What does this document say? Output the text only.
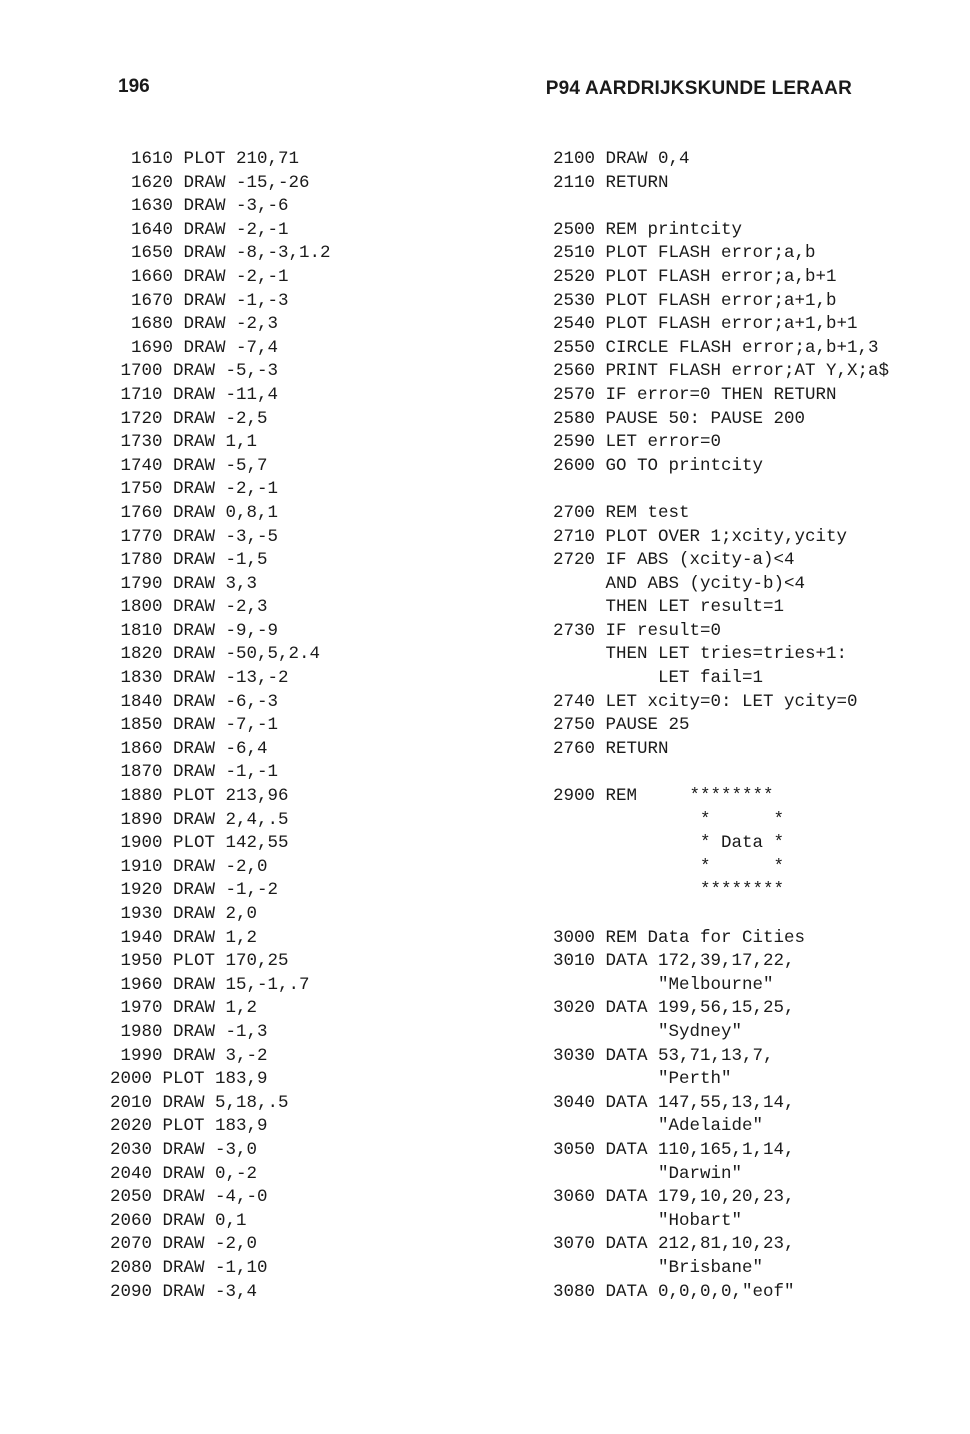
196	P94 AARDRIJKSKUNDE LERAAR
1610 PLOT 210,71
1620 DRAW -15,-26
1630 DRAW -3,-6
1640 DRAW -2,-1
1650 DRAW -8,-3,1.2
1660 DRAW -2,-1
1670 DRAW -1,-3
1680 DRAW -2,3
1690 DRAW -7,4
1700 DRAW -5,-3
1710 DRAW -11,4
1720 DRAW -2,5
1730 DRAW 1,1
1740 DRAW -5,7
1750 DRAW -2,-1
1760 DRAW 0,8,1
1770 DRAW -3,-5
1780 DRAW -1,5
1790 DRAW 3,3
1800 DRAW -2,3
1810 DRAW -9,-9
1820 DRAW -50,5,2.4
1830 DRAW -13,-2
1840 DRAW -6,-3
1850 DRAW -7,-1
1860 DRAW -6,4
1870 DRAW -1,-1
1880 PLOT 213,96
1890 DRAW 2,4,.5
1900 PLOT 142,55
1910 DRAW -2,0
1920 DRAW -1,-2
1930 DRAW 2,0
1940 DRAW 1,2
1950 PLOT 170,25
1960 DRAW 15,-1,.7
1970 DRAW 1,2
1980 DRAW -1,3
1990 DRAW 3,-2
2000 PLOT 183,9
2010 DRAW 5,18,.5
2020 PLOT 183,9
2030 DRAW -3,0
2040 DRAW 0,-2
2050 DRAW -4,-0
2060 DRAW 0,1
2070 DRAW -2,0
2080 DRAW -1,10
2090 DRAW -3,4
2100 DRAW 0,4
2110 RETURN
2500 REM printcity
2510 PLOT FLASH error;a,b
2520 PLOT FLASH error;a,b+1
2530 PLOT FLASH error;a+1,b
2540 PLOT FLASH error;a+1,b+1
2550 CIRCLE FLASH error;a,b+1,3
2560 PRINT FLASH error;AT Y,X;a$
2570 IF error=0 THEN RETURN
2580 PAUSE 50: PAUSE 200
2590 LET error=0
2600 GO TO printcity
2700 REM test
2710 PLOT OVER 1;xcity,ycity
2720 IF ABS (xcity-a)<4
AND ABS (ycity-b)<4
THEN LET result=1
2730 IF result=0
THEN LET tries=tries+1:
LET fail=1
2740 LET xcity=0: LET ycity=0
2750 PAUSE 25
2760 RETURN
2900 REM     ********
*      *
* Data *
*      *
********
3000 REM Data for Cities
3010 DATA 172,39,17,22,
"Melbourne"
3020 DATA 199,56,15,25,
"Sydney"
3030 DATA 53,71,13,7,
"Perth"
3040 DATA 147,55,13,14,
"Adelaide"
3050 DATA 110,165,1,14,
"Darwin"
3060 DATA 179,10,20,23,
"Hobart"
3070 DATA 212,81,10,23,
"Brisbane"
3080 DATA 0,0,0,0,"eof"
